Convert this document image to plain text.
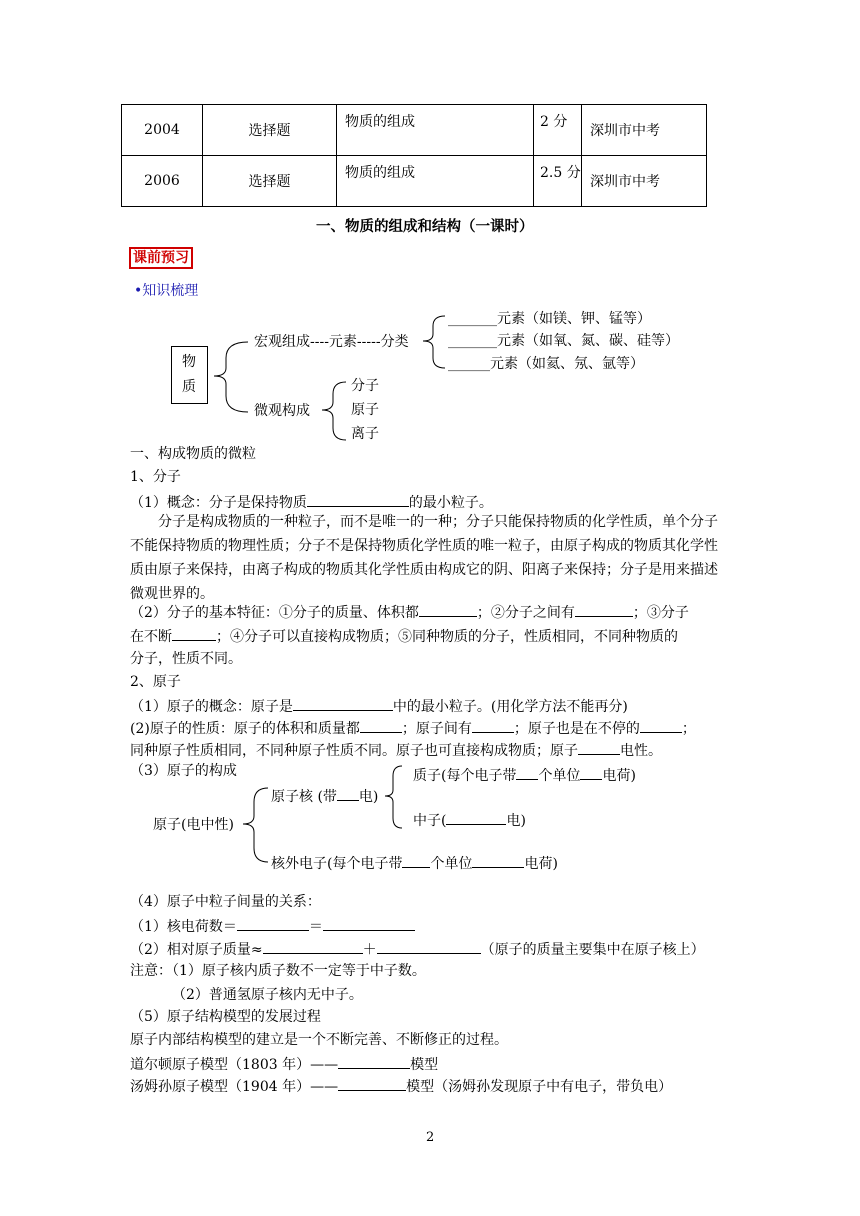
2004	选择题	物质的组成	2 分	深圳市中考
2006	选择题	物质的组成	2.5 分	深圳市中考
一、物质的组成和结构（一课时）
课前预习
•知识梳理
物
质
宏观组成----元素-----分类
_______元素（如镁、钾、锰等）
_______元素（如氧、氮、碳、硅等）
______元素（如氦、氖、氩等）
微观构成
分子
原子
离子
一、构成物质的微粒
1、分子
（1）概念：分子是保持物质	的最小粒子。
分子是构成物质的一种粒子，而不是唯一的一种；分子只能保持物质的化学性质，单个分子不能保持物质的物理性质；分子不是保持物质化学性质的唯一粒子，由原子构成的物质其化学性质由原子来保持，由离子构成的物质其化学性质由构成它的阴、阳离子来保持；分子是用来描述微观世界的。
（2）分子的基本特征：①分子的质量、体积都	；②分子之间有	；③分子
在不断	；④分子可以直接构成物质；⑤同种物质的分子，性质相同，不同种物质的
分子，性质不同。
2、原子
（1）原子的概念：原子是	中的最小粒子。(用化学方法不能再分)
(2)原子的性质：原子的体积和质量都	；原子间有	；原子也是在不停的	；
同种原子性质相同，不同种原子性质不同。原子也可直接构成物质；原子	电性。
（3）原子的构成
原子(电中性)
原子核 (带 电)
质子(每个电子带 个单位 电荷)
中子(	电)
核外电子(每个电子带 个单位	电荷)
（4）原子中粒子间量的关系：
（1）核电荷数＝	＝
（2）相对原子质量≈	＋	（原子的质量主要集中在原子核上）
注意：（1）原子核内质子数不一定等于中子数。
（2）普通氢原子核内无中子。
（5）原子结构模型的发展过程
原子内部结构模型的建立是一个不断完善、不断修正的过程。
道尔顿原子模型（1803 年）——	模型
汤姆孙原子模型（1904 年）——	模型（汤姆孙发现原子中有电子，带负电）
2
